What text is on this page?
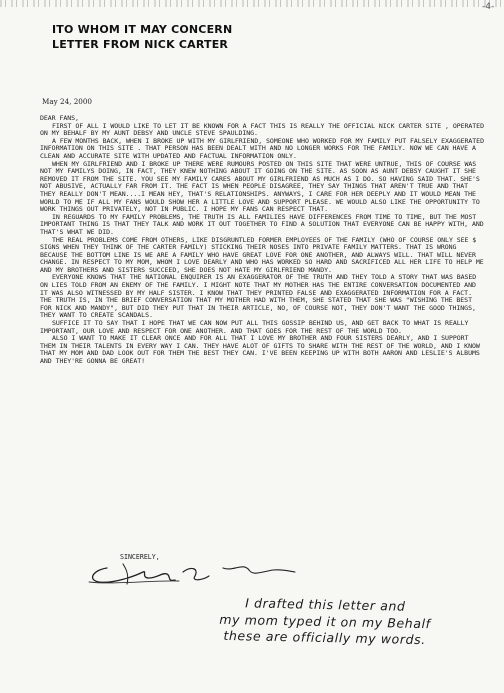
-4-
ITO WHOM IT MAY CONCERN
LETTER FROM NICK CARTER
May 24, 2000

DEAR FANS,

FIRST OF ALL I WOULD LIKE TO LET IT BE KNOWN FOR A FACT THIS IS REALLY THE OFFICIAL NICK CARTER SITE , OPERATED ON MY BEHALF BY MY AUNT DEBSY AND UNCLE STEVE SPAULDING.

A FEW MONTHS BACK, WHEN I BROKE UP WITH MY GIRLFRIEND, SOMEONE WHO WORKED FOR MY FAMILY PUT FALSELY EXAGGERATED INFORMATION ON THIS SITE . THAT PERSON HAS BEEN DEALT WITH AND NO LONGER WORKS FOR THE FAMILY. NOW WE CAN HAVE A CLEAN AND ACCURATE SITE WITH UPDATED AND FACTUAL INFORMATION ONLY.

WHEN MY GIRLFRIEND AND I BROKE UP THERE WERE RUMOURS POSTED ON THIS SITE THAT WERE UNTRUE, THIS OF COURSE WAS NOT MY FAMILYS DOING, IN FACT, THEY KNEW NOTHING ABOUT IT GOING ON THE SITE. AS SOON AS AUNT DEBSY CAUGHT IT SHE REMOVED IT FROM THE SITE. YOU SEE MY FAMILY CARES ABOUT MY GIRLFRIEND AS MUCH AS I DO. SO HAVING SAID THAT. SHE'S NOT ABUSIVE, ACTUALLY FAR FROM IT. THE FACT IS WHEN PEOPLE DISAGREE, THEY SAY THINGS THAT AREN'T TRUE AND THAT THEY REALLY DON'T MEAN....I MEAN HEY, THAT'S RELATIONSHIPS. ANYWAYS, I CARE FOR HER DEEPLY AND IT WOULD MEAN THE WORLD TO ME IF ALL MY FANS WOULD SHOW HER A LITTLE LOVE AND SUPPORT PLEASE. WE WOULD ALSO LIKE THE OPPORTUNITY TO WORK THINGS OUT PRIVATELY, NOT IN PUBLIC. I HOPE MY FANS CAN RESPECT THAT.

IN REGUARDS TO MY FAMILY PROBLEMS, THE TRUTH IS ALL FAMILIES HAVE DIFFERENCES FROM TIME TO TIME, BUT THE MOST IMPORTANT THING IS THAT THEY TALK AND WORK IT OUT TOGETHER TO FIND A SOLUTION THAT EVERYONE CAN BE HAPPY WITH, AND THAT'S WHAT WE DID.

THE REAL PROBLEMS COME FROM OTHERS, LIKE DISGRUNTLED FORMER EMPLOYEES OF THE FAMILY (WHO OF COURSE ONLY SEE $ SIGNS WHEN THEY THINK OF THE CARTER FAMILY) STICKING THEIR NOSES INTO PRIVATE FAMILY MATTERS. THAT IS WRONG BECAUSE THE BOTTOM LINE IS WE ARE A FAMILY WHO HAVE GREAT LOVE FOR ONE ANOTHER, AND ALWAYS WILL. THAT WILL NEVER CHANGE. IN RESPECT TO MY MOM, WHOM I LOVE DEARLY AND WHO HAS WORKED SO HARD AND SACRIFICED ALL HER LIFE TO HELP ME AND MY BROTHERS AND SISTERS SUCCEED, SHE DOES NOT HATE MY GIRLFRIEND MANDY.

EVERYONE KNOWS THAT THE NATIONAL ENQUIRER IS AN EXAGGERATOR OF THE TRUTH AND THEY TOLD A STORY THAT WAS BASED ON LIES TOLD FROM AN ENEMY OF THE FAMILY. I MIGHT NOTE THAT MY MOTHER HAS THE ENTIRE CONVERSATION DOCUMENTED AND IT WAS ALSO WITNESSED BY MY HALF SISTER. I KNOW THAT THEY PRINTED FALSE AND EXAGGERATED INFORMATION FOR A FACT. THE TRUTH IS, IN THE BRIEF CONVERSATION THAT MY MOTHER HAD WITH THEM, SHE STATED THAT SHE WAS "WISHING THE BEST FOR NICK AND MANDY", BUT DID THEY PUT THAT IN THEIR ARTICLE, NO, OF COURSE NOT, THEY DON'T WANT THE GOOD THINGS, THEY WANT TO CREATE SCANDALS.

SUFFICE IT TO SAY THAT I HOPE THAT WE CAN NOW PUT ALL THIS GOSSIP BEHIND US, AND GET BACK TO WHAT IS REALLY IMPORTANT, OUR LOVE AND RESPECT FOR ONE ANOTHER. AND THAT GOES FOR THE REST OF THE WORLD TOO.

ALSO I WANT TO MAKE IT CLEAR ONCE AND FOR ALL THAT I LOVE MY BROTHER AND FOUR SISTERS DEARLY, AND I SUPPORT THEM IN THEIR TALENTS IN EVERY WAY I CAN. THEY HAVE ALOT OF GIFTS TO SHARE WITH THE REST OF THE WORLD, AND I KNOW THAT MY MOM AND DAD LOOK OUT FOR THEM THE BEST THEY CAN. I'VE BEEN KEEPING UP WITH BOTH AARON AND LESLIE'S ALBUMS AND THEY'RE GONNA BE GREAT!

SINCERELY,
I drafted this letter and
my mom typed it on my Behalf
these are officially my words.
